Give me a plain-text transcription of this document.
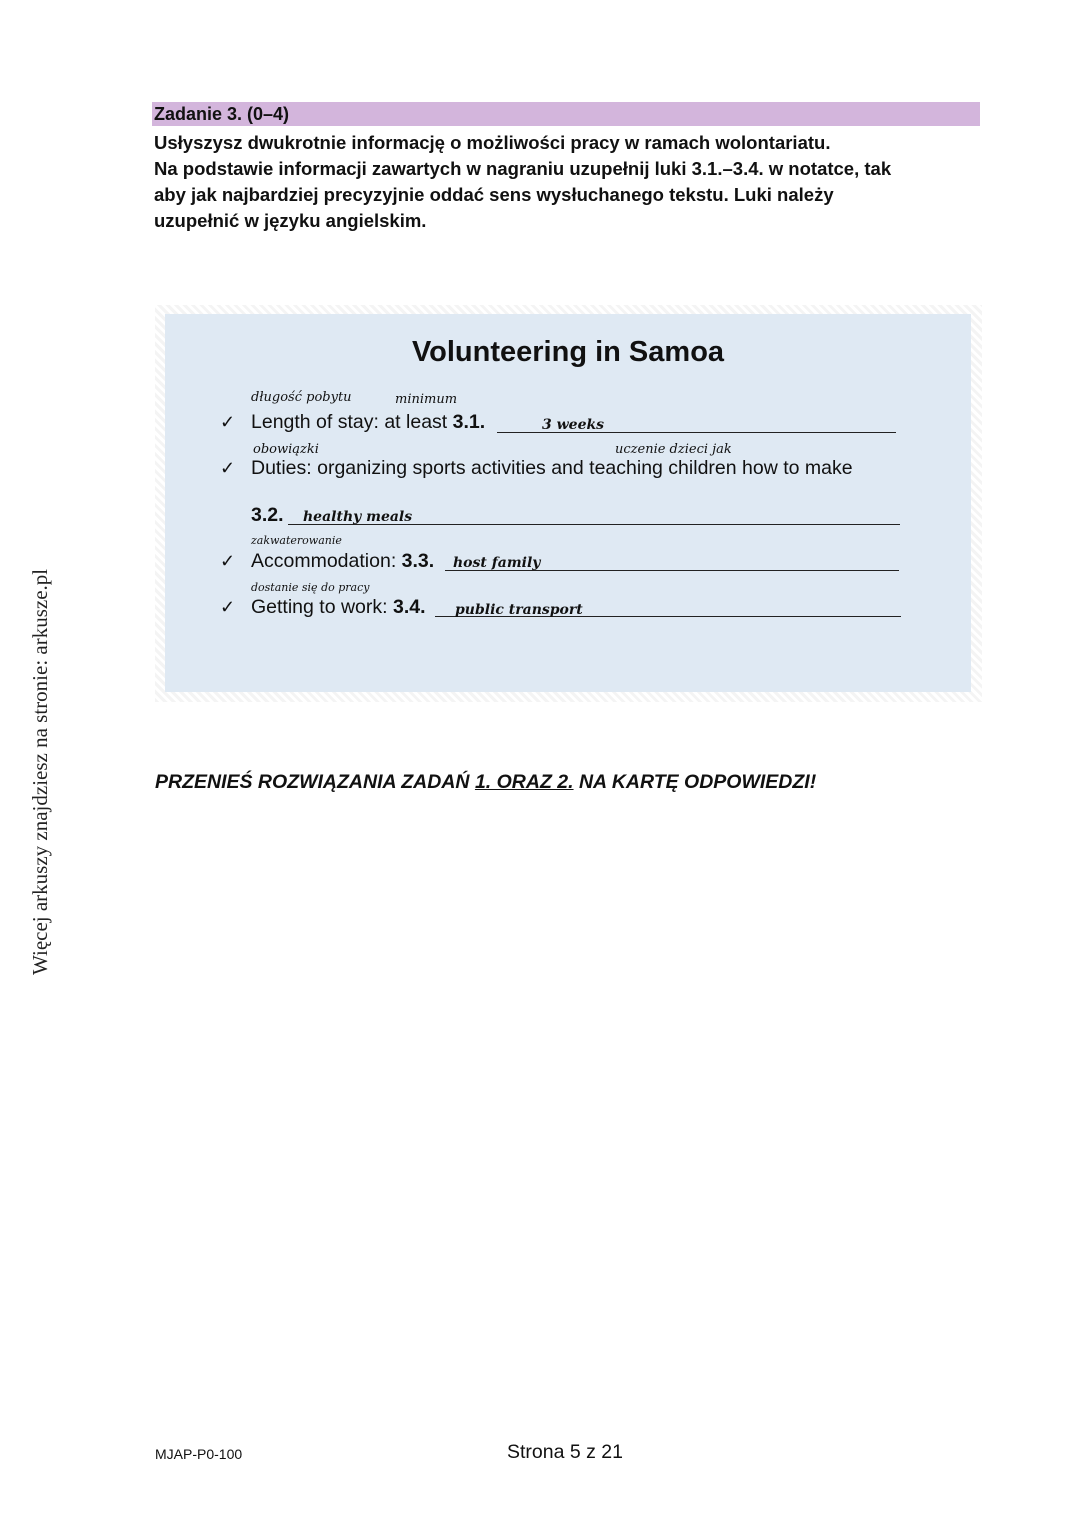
Więcej arkuszy znajdziesz na stronie: arkusze.pl
Zadanie 3. (0–4)
Usłyszysz dwukrotnie informację o możliwości pracy w ramach wolontariatu.
Na podstawie informacji zawartych w nagraniu uzupełnij luki 3.1.–3.4. w notatce, tak
aby jak najbardziej precyzyjnie oddać sens wysłuchanego tekstu. Luki należy
uzupełnić w języku angielskim.
Volunteering in Samoa
długość pobytu	minimum
✓ Length of stay: at least 3.1.	3 weeks
obowiązki	uczenie dzieci jak
✓ Duties: organizing sports activities and teaching children how to make
3.2. healthy meals
zakwaterowanie
✓ Accommodation: 3.3. host family
dostanie się do pracy
✓ Getting to work: 3.4. public transport
PRZENIEŚ ROZWIĄZANIA ZADAŃ 1. ORAZ 2. NA KARTĘ ODPOWIEDZI!
MJAP-P0-100	Strona 5 z 21
